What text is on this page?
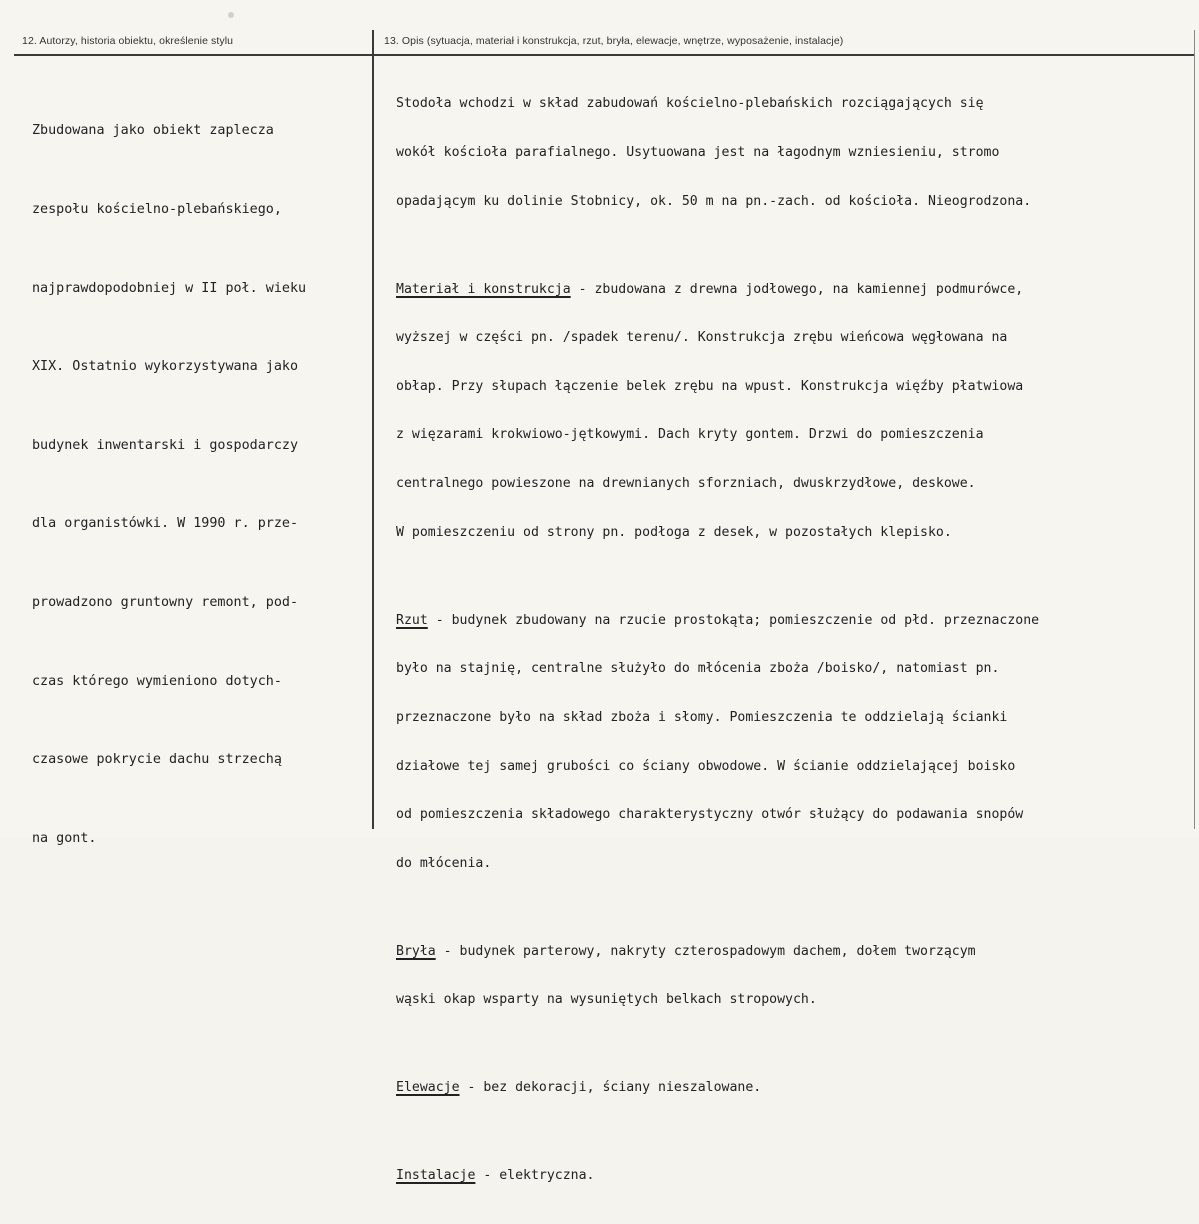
12. Autorzy, historia obiektu, określenie stylu	13. Opis (sytuacja, materiał i konstrukcja, rzut, bryła, elewacje, wnętrze, wyposażenie, instalacje)

Zbudowana jako obiekt zaplecza

zespołu kościelno-plebańskiego,

najprawdopodobniej w II poł. wieku

XIX. Ostatnio wykorzystywana jako

budynek inwentarski i gospodarczy

dla organistówki. W 1990 r. prze-

prowadzono gruntowny remont, pod-

czas którego wymieniono dotych-

czasowe pokrycie dachu strzechą

na gont.

Stodoła wchodzi w skład zabudowań kościelno-plebańskich rozciągających się

wokół kościoła parafialnego. Usytuowana jest na łagodnym wzniesieniu, stromo

opadającym ku dolinie Stobnicy, ok. 50 m na pn.-zach. od kościoła. Nieogrodzona.

Materiał i konstrukcja - zbudowana z drewna jodłowego, na kamiennej podmurówce,

wyższej w części pn. /spadek terenu/. Konstrukcja zrębu wieńcowa węgłowana na

obłap. Przy słupach łączenie belek zrębu na wpust. Konstrukcja więźby płatwiowa

z więzarami krokwiowo-jętkowymi. Dach kryty gontem. Drzwi do pomieszczenia

centralnego powieszone na drewnianych sforzniach, dwuskrzydłowe, deskowe.

W pomieszczeniu od strony pn. podłoga z desek, w pozostałych klepisko.

Rzut - budynek zbudowany na rzucie prostokąta; pomieszczenie od płd. przeznaczone

było na stajnię, centralne służyło do młócenia zboża /boisko/, natomiast pn.

przeznaczone było na skład zboża i słomy. Pomieszczenia te oddzielają ścianki

działowe tej samej grubości co ściany obwodowe. W ścianie oddzielającej boisko

od pomieszczenia składowego charakterystyczny otwór służący do podawania snopów

do młócenia.

Bryła - budynek parterowy, nakryty czterospadowym dachem, dołem tworzącym

wąski okap wsparty na wysuniętych belkach stropowych.

Elewacje - bez dekoracji, ściany nieszalowane.

Instalacje - elektryczna.
